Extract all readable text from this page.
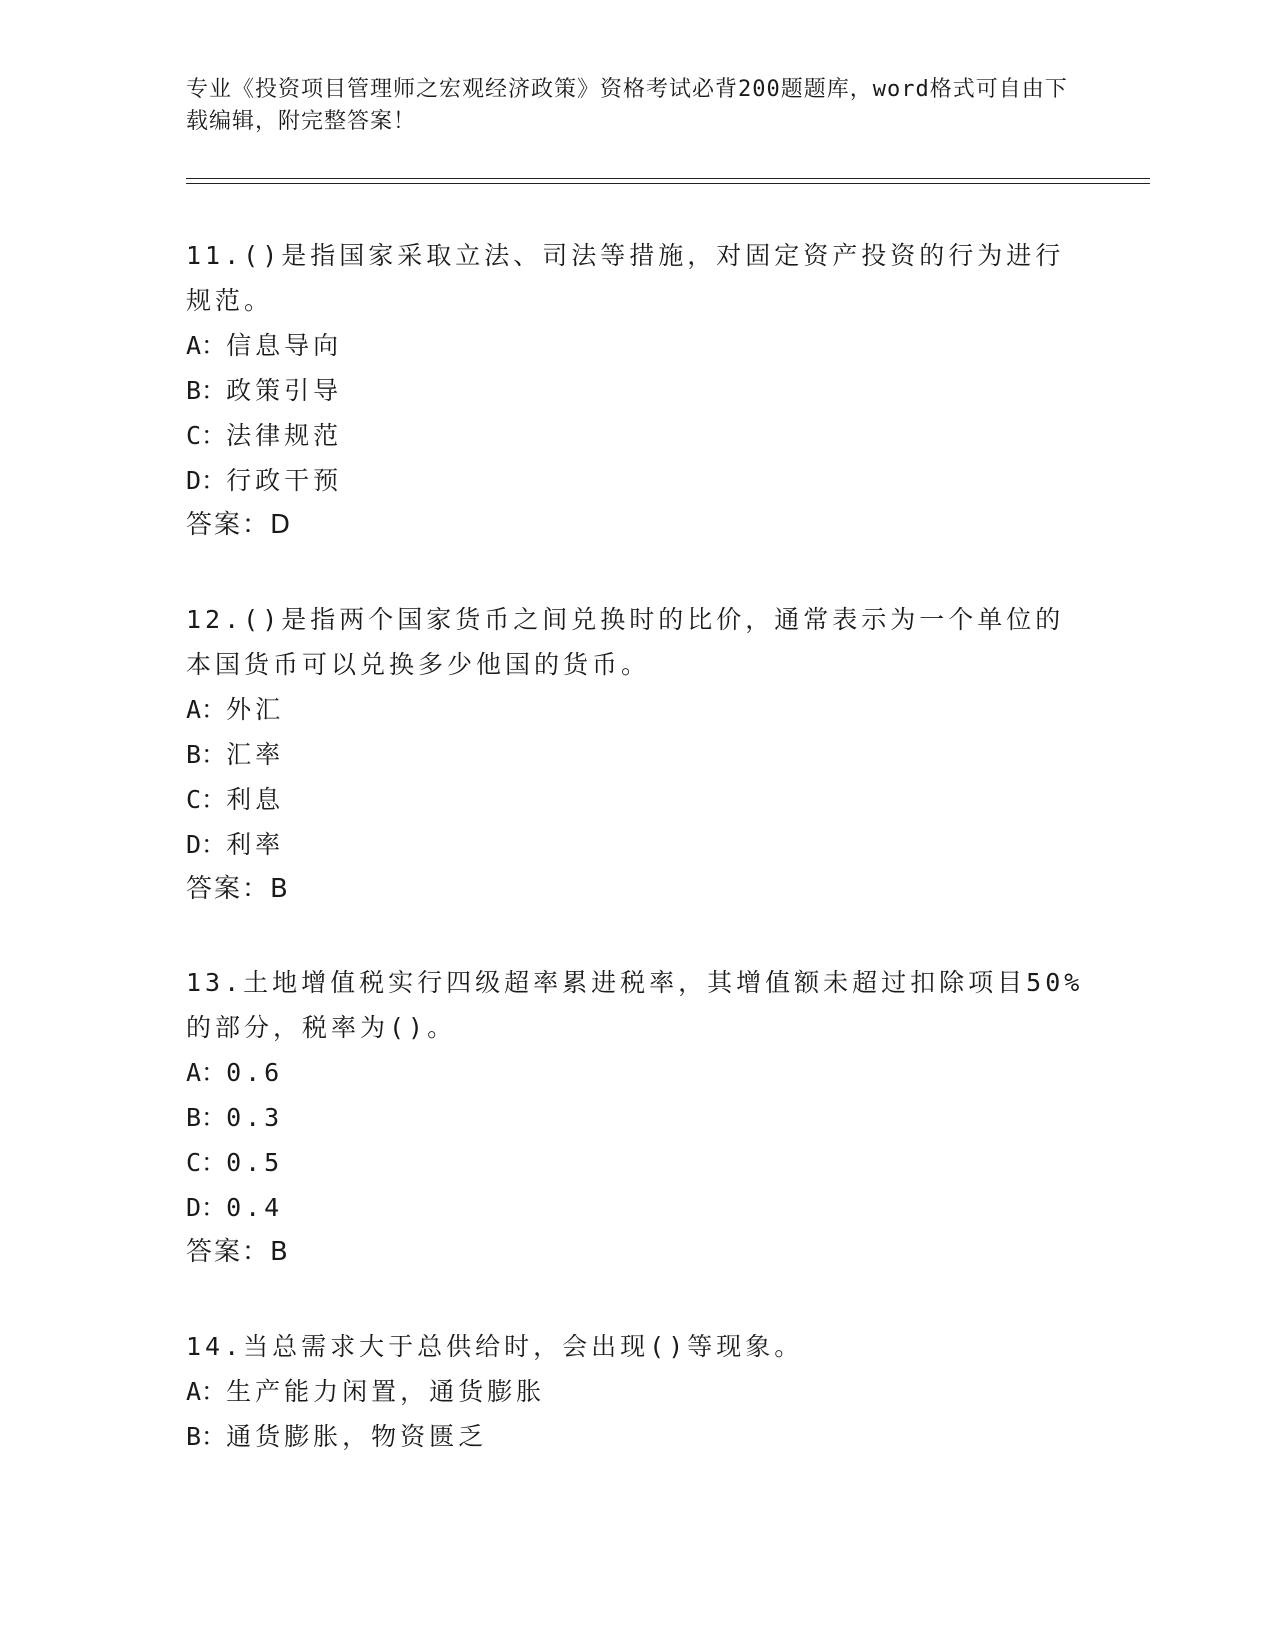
专业《投资项目管理师之宏观经济政策》资格考试必背200题题库，word格式可自由下载编辑，附完整答案！

11.()是指国家采取立法、司法等措施，对固定资产投资的行为进行规范。

A：信息导向

B：政策引导

C：法律规范

D：行政干预

答案：D

12.()是指两个国家货币之间兑换时的比价，通常表示为一个单位的本国货币可以兑换多少他国的货币。

A：外汇

B：汇率

C：利息

D：利率

答案：B

13.土地增值税实行四级超率累进税率，其增值额未超过扣除项目50%的部分，税率为()。

A：0.6

B：0.3

C：0.5

D：0.4

答案：B

14.当总需求大于总供给时，会出现()等现象。

A：生产能力闲置，通货膨胀

B：通货膨胀，物资匮乏
